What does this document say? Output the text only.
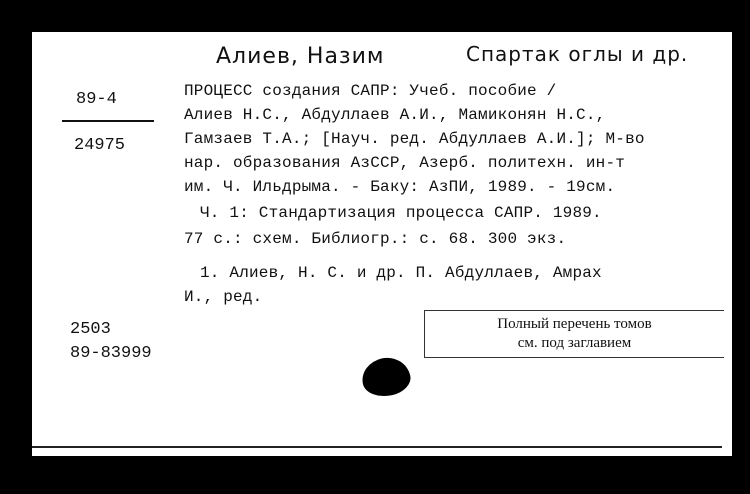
Алиев, Назим	Спартак оглы и др.
89-4
24975
ПРОЦЕСС создания САПР: Учеб. пособие /
Алиев Н.С., Абдуллаев А.И., Мамиконян Н.С.,
Гамзаев Т.А.; [Науч. ред. Абдуллаев А.И.]; М-во
нар. образования АзССР, Азерб. политехн. ин-т
им. Ч. Ильдрыма. - Баку: АзПИ, 1989. - 19см.
Ч. 1: Стандартизация процесса САПР. 1989.
77 с.: схем. Библиогр.: с. 68. 300 экз.
1. Алиев, Н. С. и др. П. Абдуллаев, Амрах
И., ред.
Полный перечень томов
см. под заглавием
2503
89-83999
